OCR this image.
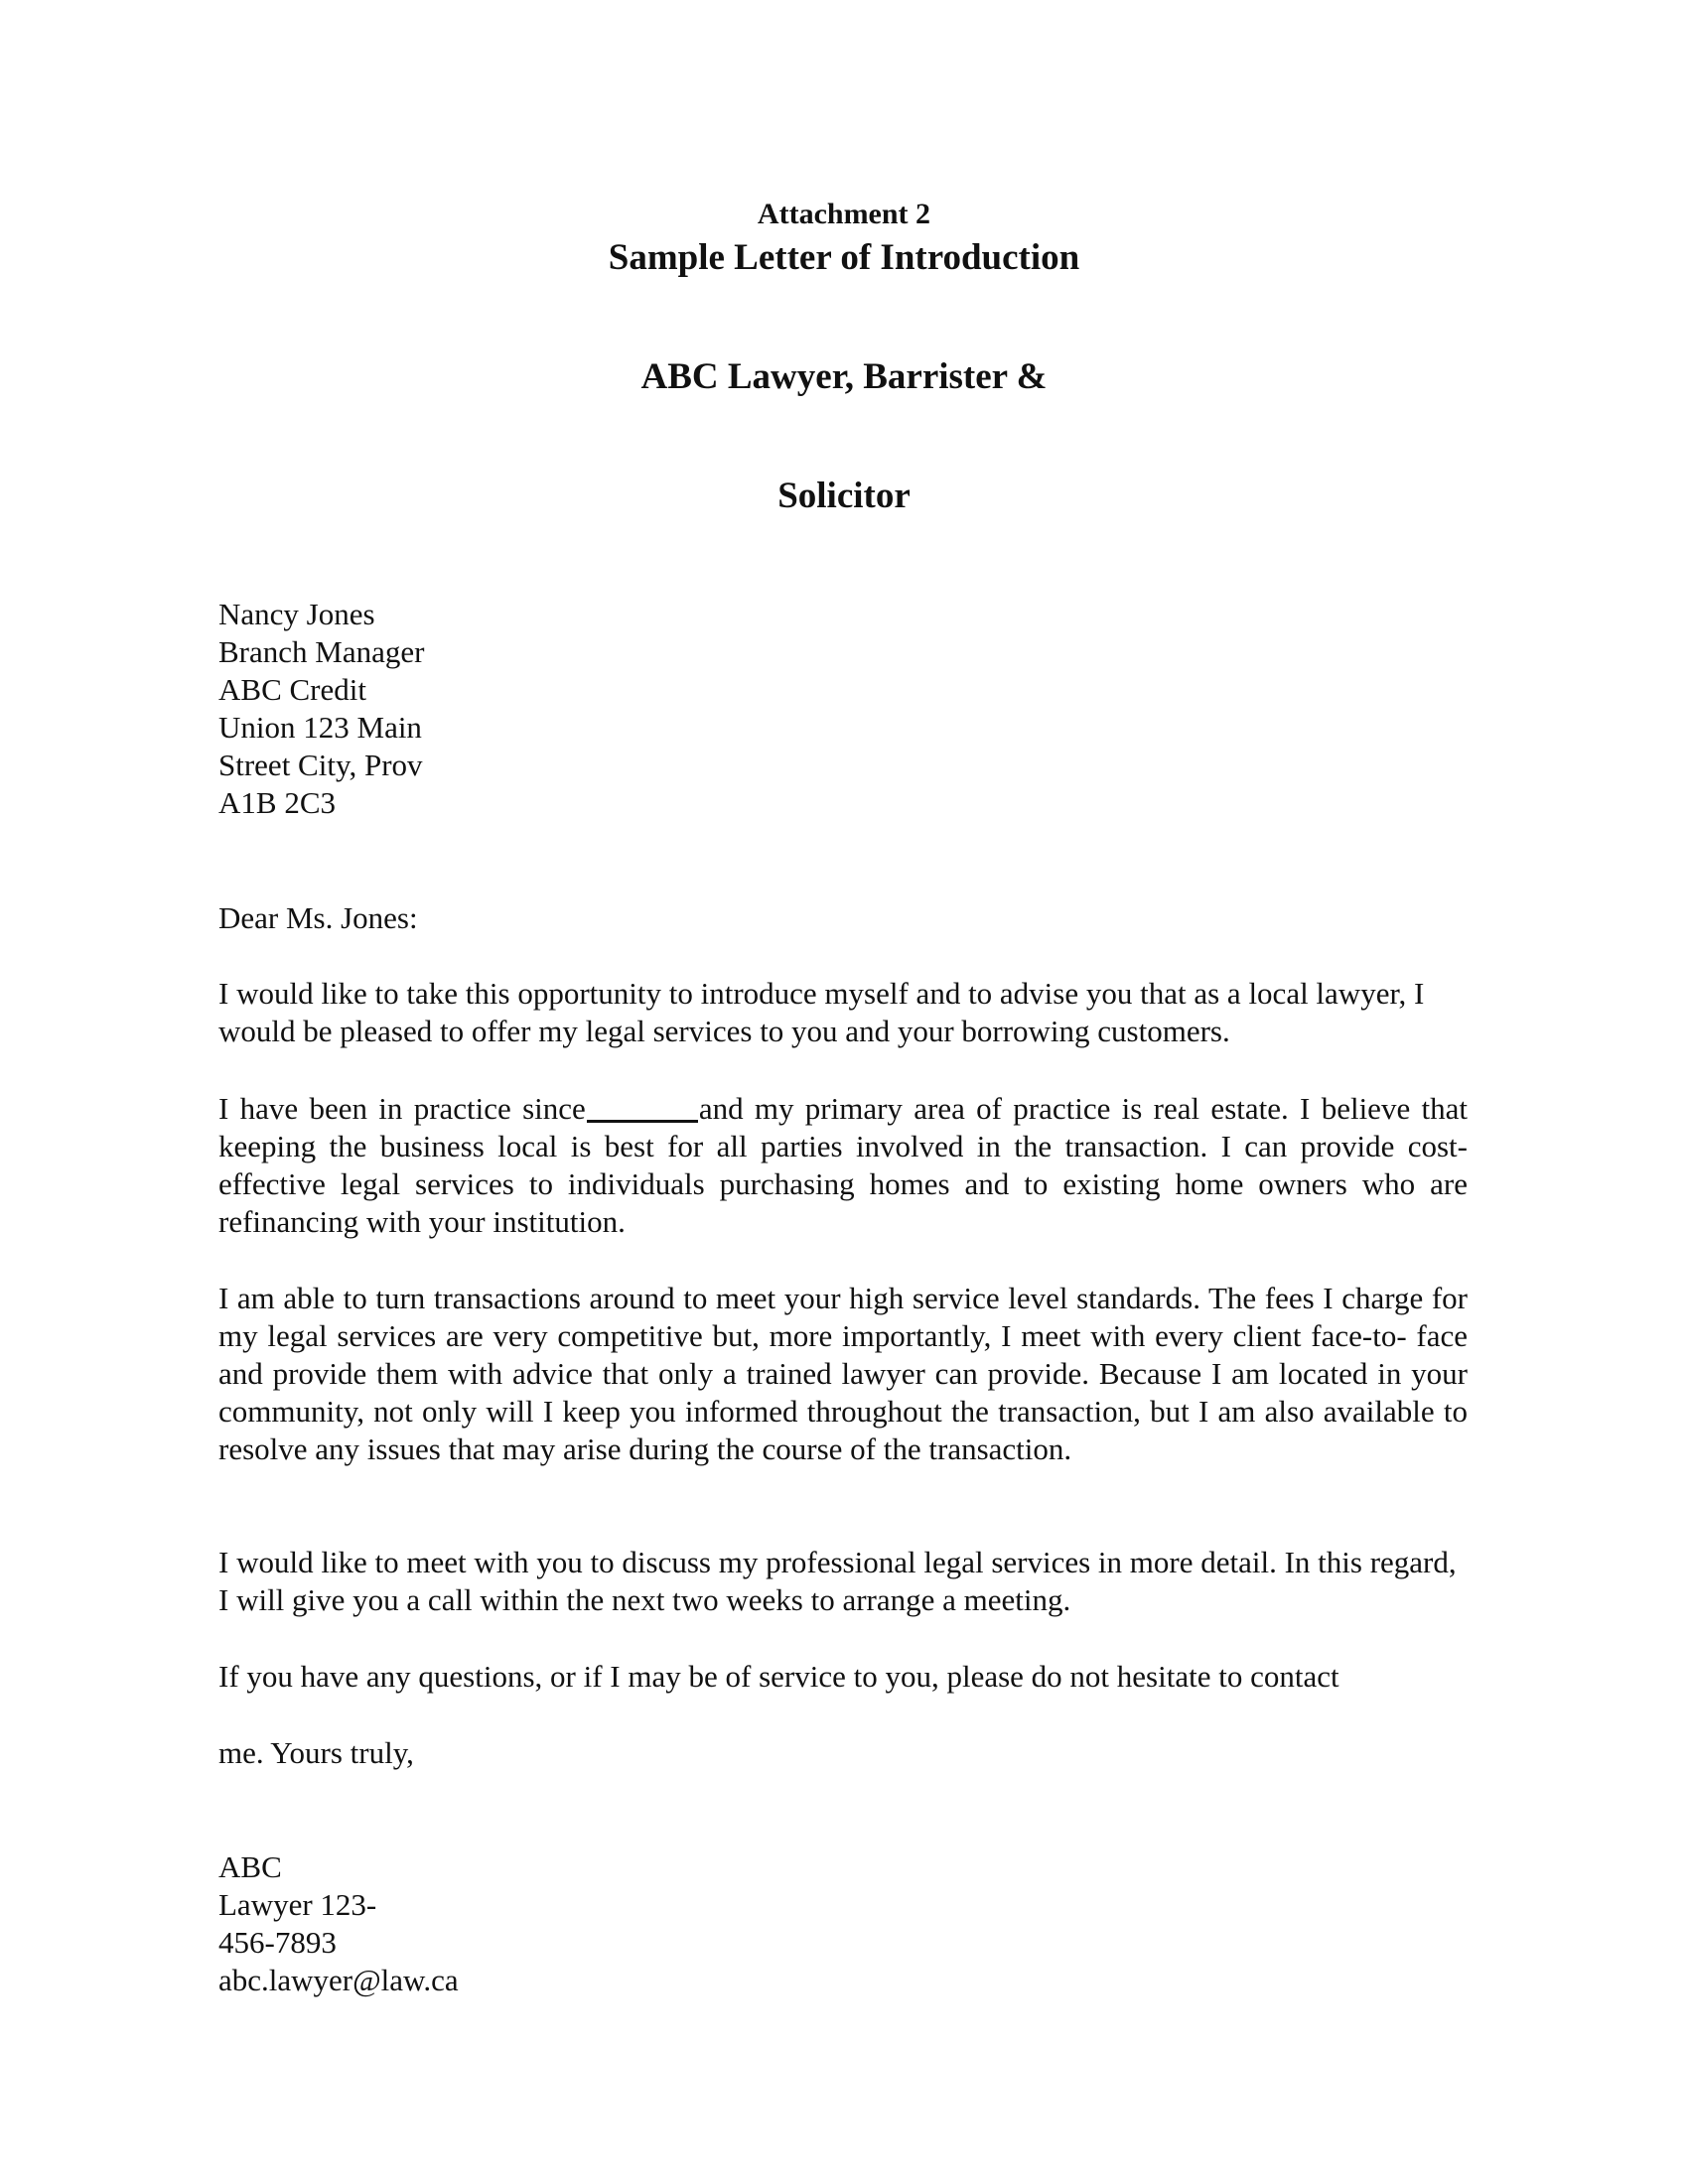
Attachment 2
Sample Letter of Introduction
ABC Lawyer, Barrister &
Solicitor
Nancy Jones
Branch Manager
ABC Credit
Union 123 Main
Street City, Prov
A1B 2C3
Dear Ms. Jones:
I would like to take this opportunity to introduce myself and to advise you that as a local lawyer, I would be pleased to offer my legal services to you and your borrowing customers.
I have been in practice since	and my primary area of practice is real estate. I believe that keeping the business local is best for all parties involved in the transaction. I can provide cost- effective legal services to individuals purchasing homes and to existing home owners who are refinancing with your institution.
I am able to turn transactions around to meet your high service level standards. The fees I charge for my legal services are very competitive but, more importantly, I meet with every client face-to- face and provide them with advice that only a trained lawyer can provide. Because I am located in your community, not only will I keep you informed throughout the transaction, but I am also available to resolve any issues that may arise during the course of the transaction.
I would like to meet with you to discuss my professional legal services in more detail. In this regard, I will give you a call within the next two weeks to arrange a meeting.
If you have any questions, or if I may be of service to you, please do not hesitate to contact
me. Yours truly,
ABC
Lawyer 123-
456-7893
abc.lawyer@law.ca
